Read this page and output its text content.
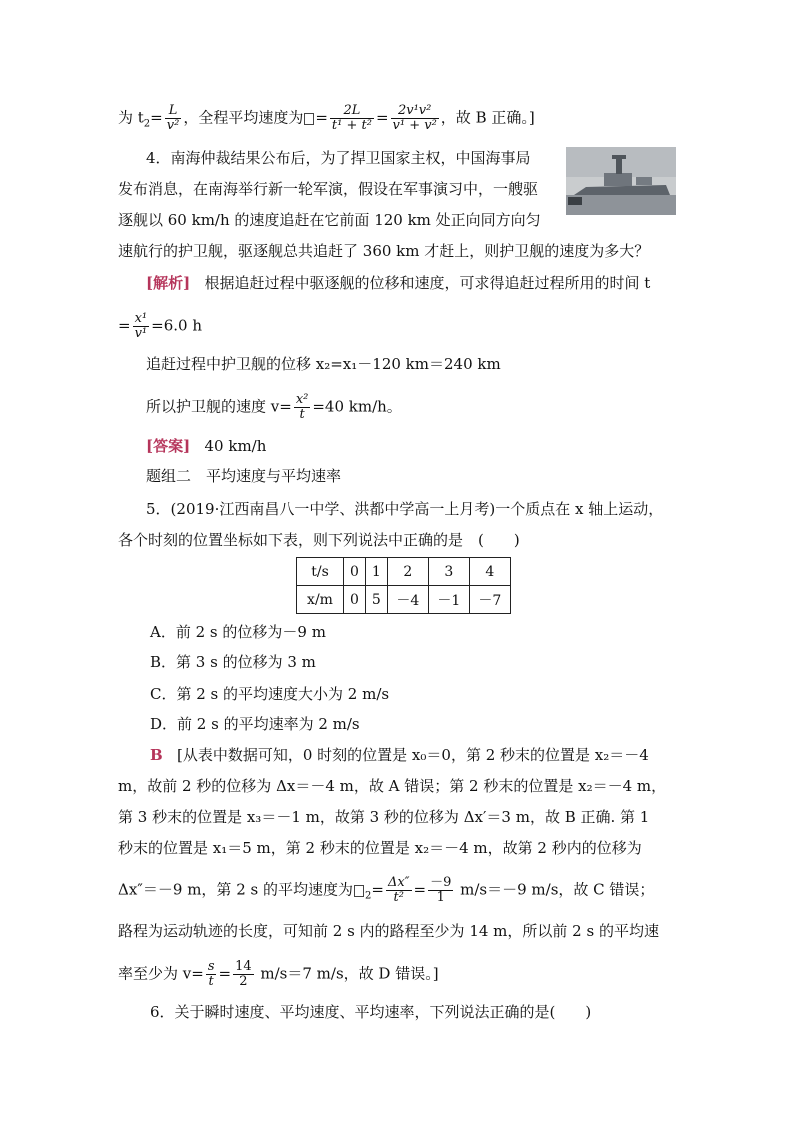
为 $t_2= \frac{L}{\text{v²}}$ ，全程平均速度为 = $\frac{2L}{\text{t¹ + t²}} = \frac{\text{2v¹v²}}{\text{v¹ + v²}}$ ，故 B 正确。]
4．南海仲裁结果公布后，为了捍卫国家主权，中国海事局
发布消息，在南海举行新一轮军演，假设在军事演习中，一艘驱
逐舰以 60 km/h 的速度追赶在它前面 120 km 处正向同方向匀
速航行的护卫舰，驱逐舰总共追赶了 360 km 才赶上，则护卫舰的速度为多大？
[解析] 根据追赶过程中驱逐舰的位移和速度，可求得追赶过程所用的时间 t
= $\frac{\text{x¹}}{\text{v¹}} =6.0$ h
追赶过程中护卫舰的位移 x₂=x₁－120 km＝240 km
所以护卫舰的速度 $v= \frac{\text{x²}}{t} =40$ km/h。
[答案] 40 km/h
题组二　平均速度与平均速率
5．(2019·江西南昌八一中学、洪都中学高一上月考)一个质点在 x 轴上运动，
各个时刻的位置坐标如下表，则下列说法中正确的是　(　　)
t/s	0	1	2	3	4
x/m	0	5	－4	－1	－7
A．前 2 s 的位移为－9 m
B．第 3 s 的位移为 3 m
C．第 2 s 的平均速度大小为 2 m/s
D．前 2 s 的平均速率为 2 m/s
B [从表中数据可知，0 时刻的位置是 x₀＝0，第 2 秒末的位置是 x₂＝－4
m，故前 2 秒的位移为 Δx＝－4 m，故 A 错误；第 2 秒末的位置是 x₂＝－4 m，
第 3 秒末的位置是 x₃＝－1 m，故第 3 秒的位移为 Δx′＝3 m，故 B 正确. 第 1
秒末的位置是 x₁＝5 m，第 2 秒末的位置是 x₂＝－4 m，故第 2 秒内的位移为
Δx″＝－9 m，第 2 s 的平均速度为 $_2= \frac{\Delta x''}{\text{t²}} = \frac{-9}{1} m/s=-9$ m/s，故 C 错误；
路程为运动轨迹的长度，可知前 2 s 内的路程至少为 14 m，所以前 2 s 的平均速
率至少为 $v= \frac{s}{t} = \frac{14}{2} m/s=7$ m/s，故 D 错误。]
6．关于瞬时速度、平均速度、平均速率，下列说法正确的是(　　)
